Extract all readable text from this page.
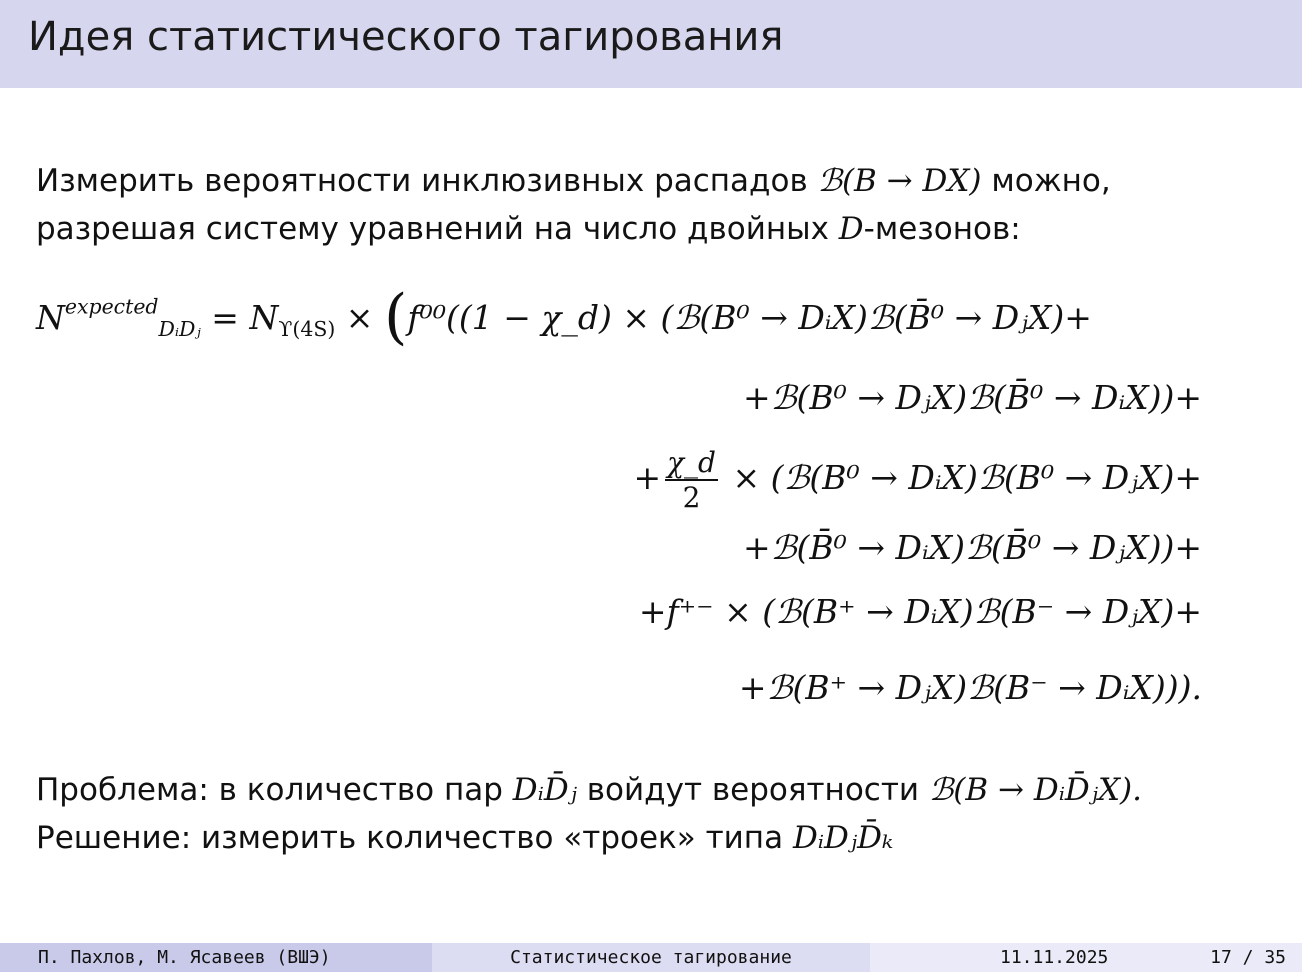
Идея статистического тагирования
Измерить вероятности инклюзивных распадов ℬ(B → DX) можно,
разрешая систему уравнений на число двойных D-мезонов:
$N^{expected}_{DᵢDⱼ} = N_{ϒ(4S)} \times (f^{00}((1$ − χ_d) × (ℬ(B⁰ → DᵢX)ℬ(B̄⁰ → DⱼX)+
+ℬ(B⁰ → DⱼX)ℬ(B̄⁰ → DᵢX))+
+ $\frac{\chi\_d}{2}$ × (ℬ(B⁰ → DᵢX)ℬ(B⁰ → DⱼX)+
+ℬ(B̄⁰ → DᵢX)ℬ(B̄⁰ → DⱼX))+
+f⁺⁻ × (ℬ(B⁺ → DᵢX)ℬ(B⁻ → DⱼX)+
+ℬ(B⁺ → DⱼX)ℬ(B⁻ → DᵢX))).
Проблема: в количество пар DᵢD̄ⱼ войдут вероятности ℬ(B → DᵢD̄ⱼX).
Решение: измерить количество «троек» типа DᵢDⱼD̄ₖ
П. Пахлов, М. Ясавеев (ВШЭ)	Статистическое тагирование	11.11.2025	17 / 35
